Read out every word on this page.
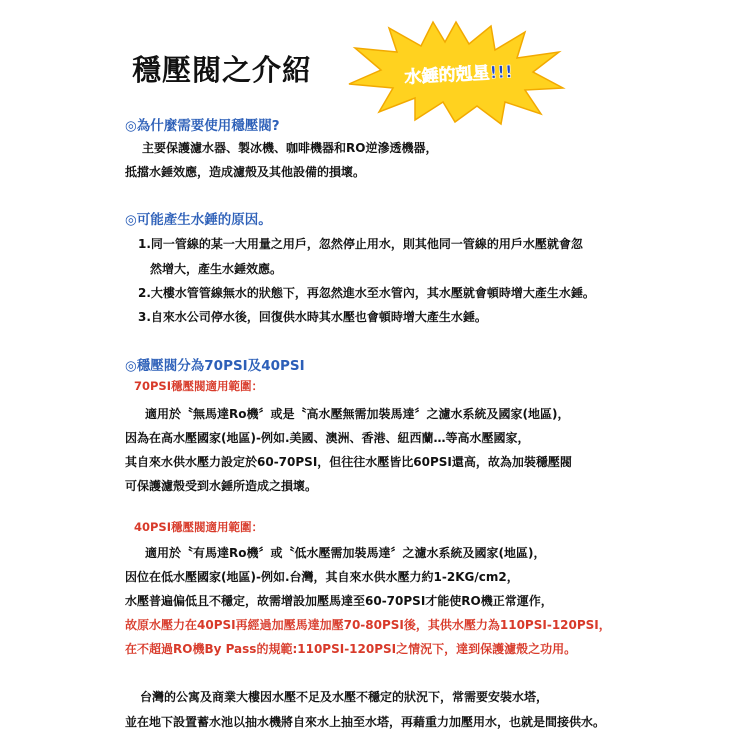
穩壓閥之介紹	水錘的剋星!!!
◎為什麼需要使用穩壓閥?
主要保護濾水器、製冰機、咖啡機器和RO逆滲透機器，
抵擋水錘效應，造成濾殼及其他設備的損壞。
◎可能產生水錘的原因。
1.同一管線的某一大用量之用戶，忽然停止用水，則其他同一管線的用戶水壓就會忽
然增大，產生水錘效應。
2.大樓水管管線無水的狀態下，再忽然進水至水管內，其水壓就會頓時增大產生水錘。
3.自來水公司停水後，回復供水時其水壓也會頓時增大產生水錘。
◎穩壓閥分為70PSI及40PSI
70PSI穩壓閥適用範圍：
適用於〝無馬達Ro機〞或是〝高水壓無需加裝馬達〞之濾水系統及國家(地區)，
因為在高水壓國家(地區)-例如.美國、澳洲、香港、紐西蘭…等高水壓國家，
其自來水供水壓力設定於60-70PSI，但往往水壓皆比60PSI還高，故為加裝穩壓閥
可保護濾殼受到水錘所造成之損壞。
40PSI穩壓閥適用範圍：
適用於〝有馬達Ro機〞或〝低水壓需加裝馬達〞之濾水系統及國家(地區)，
因位在低水壓國家(地區)-例如.台灣，其自來水供水壓力約1-2KG/cm2，
水壓普遍偏低且不穩定，故需增設加壓馬達至60-70PSI才能使RO機正常運作，
故原水壓力在40PSI再經過加壓馬達加壓70-80PSI後，其供水壓力為110PSI-120PSI，
在不超過RO機By Pass的規範:110PSI-120PSI之情況下，達到保護濾殼之功用。
台灣的公寓及商業大樓因水壓不足及水壓不穩定的狀況下，常需要安裝水塔，
並在地下設置蓄水池以抽水機將自來水上抽至水塔，再藉重力加壓用水，也就是間接供水。
